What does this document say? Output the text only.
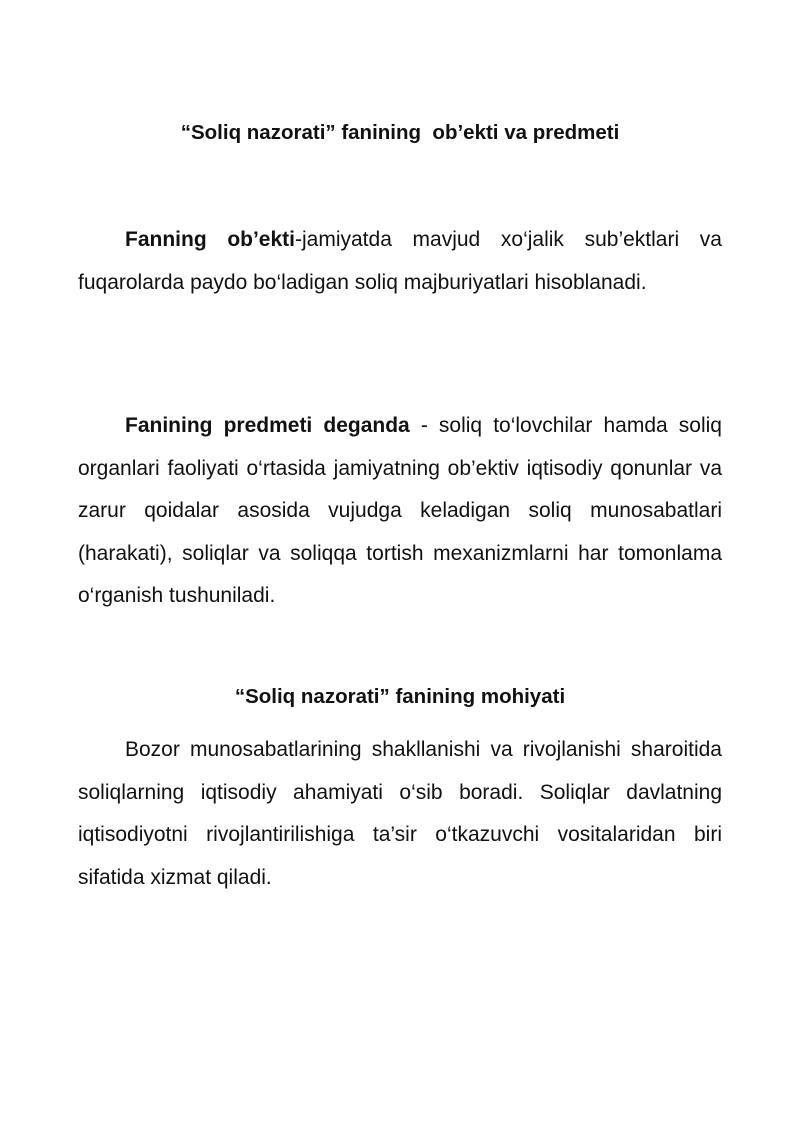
“Soliq nazorati” fanining  ob’ekti va predmeti

Fanning ob’ekti-jamiyatda mavjud xo‘jalik sub’ektlari va fuqarolarda paydo bo‘ladigan soliq majburiyatlari hisoblanadi.

Fanining predmeti deganda - soliq to‘lovchilar hamda soliq organlari faoliyati o‘rtasida jamiyatning ob’ektiv iqtisodiy qonunlar va zarur qoidalar asosida vujudga keladigan soliq munosabatlari (harakati), soliqlar va soliqqa tortish mexanizmlarni har tomonlama o‘rganish tushuniladi.

“Soliq nazorati” fanining mohiyati

Bozor munosabatlarining shakllanishi va rivojlanishi sharoitida soliqlarning iqtisodiy ahamiyati o‘sib boradi. Soliqlar davlatning iqtisodiyotni rivojlantirilishiga ta’sir o‘tkazuvchi vositalaridan biri sifatida xizmat qiladi.
